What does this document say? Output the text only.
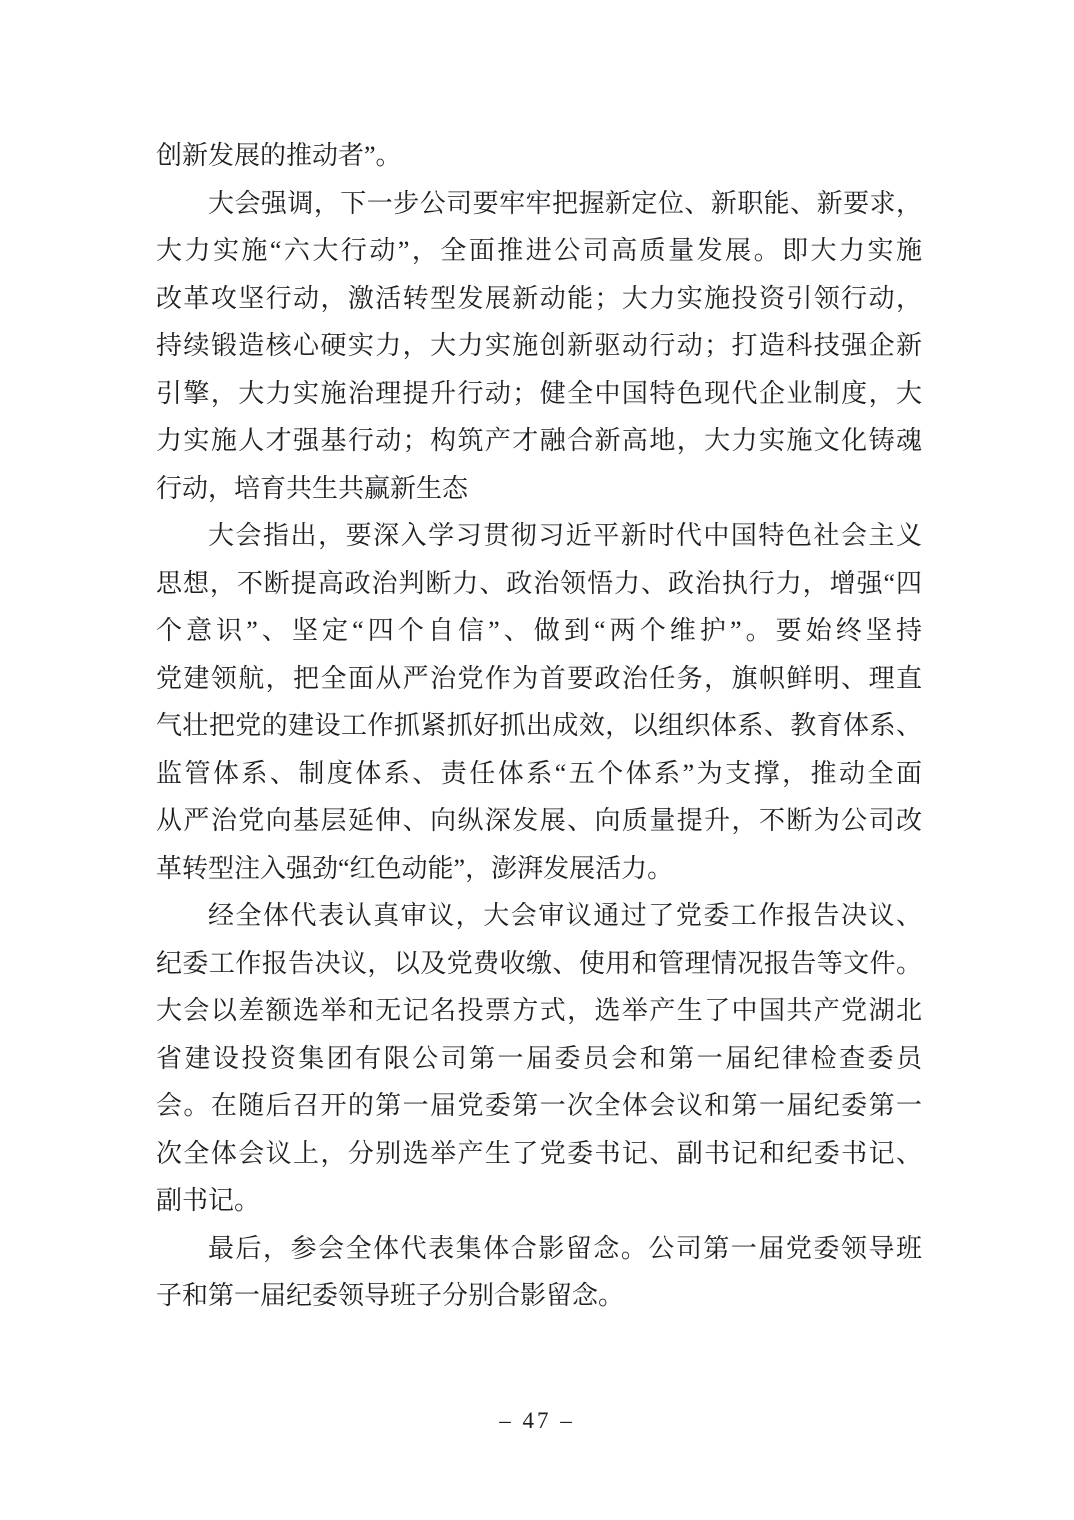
创新发展的推动者”。
大会强调，下一步公司要牢牢把握新定位、新职能、新要求，
大力实施“六大行动”，全面推进公司高质量发展。即大力实施
改革攻坚行动，激活转型发展新动能；大力实施投资引领行动，
持续锻造核心硬实力，大力实施创新驱动行动；打造科技强企新
引擎，大力实施治理提升行动；健全中国特色现代企业制度，大
力实施人才强基行动；构筑产才融合新高地，大力实施文化铸魂
行动，培育共生共赢新生态
大会指出，要深入学习贯彻习近平新时代中国特色社会主义
思想，不断提高政治判断力、政治领悟力、政治执行力，增强“四
个意识”、坚定“四个自信”、做到“两个维护”。要始终坚持
党建领航，把全面从严治党作为首要政治任务，旗帜鲜明、理直
气壮把党的建设工作抓紧抓好抓出成效，以组织体系、教育体系、
监管体系、制度体系、责任体系“五个体系”为支撑，推动全面
从严治党向基层延伸、向纵深发展、向质量提升，不断为公司改
革转型注入强劲“红色动能”，澎湃发展活力。
经全体代表认真审议，大会审议通过了党委工作报告决议、
纪委工作报告决议，以及党费收缴、使用和管理情况报告等文件。
大会以差额选举和无记名投票方式，选举产生了中国共产党湖北
省建设投资集团有限公司第一届委员会和第一届纪律检查委员
会。在随后召开的第一届党委第一次全体会议和第一届纪委第一
次全体会议上，分别选举产生了党委书记、副书记和纪委书记、
副书记。
最后，参会全体代表集体合影留念。公司第一届党委领导班
子和第一届纪委领导班子分别合影留念。
– 47 –
